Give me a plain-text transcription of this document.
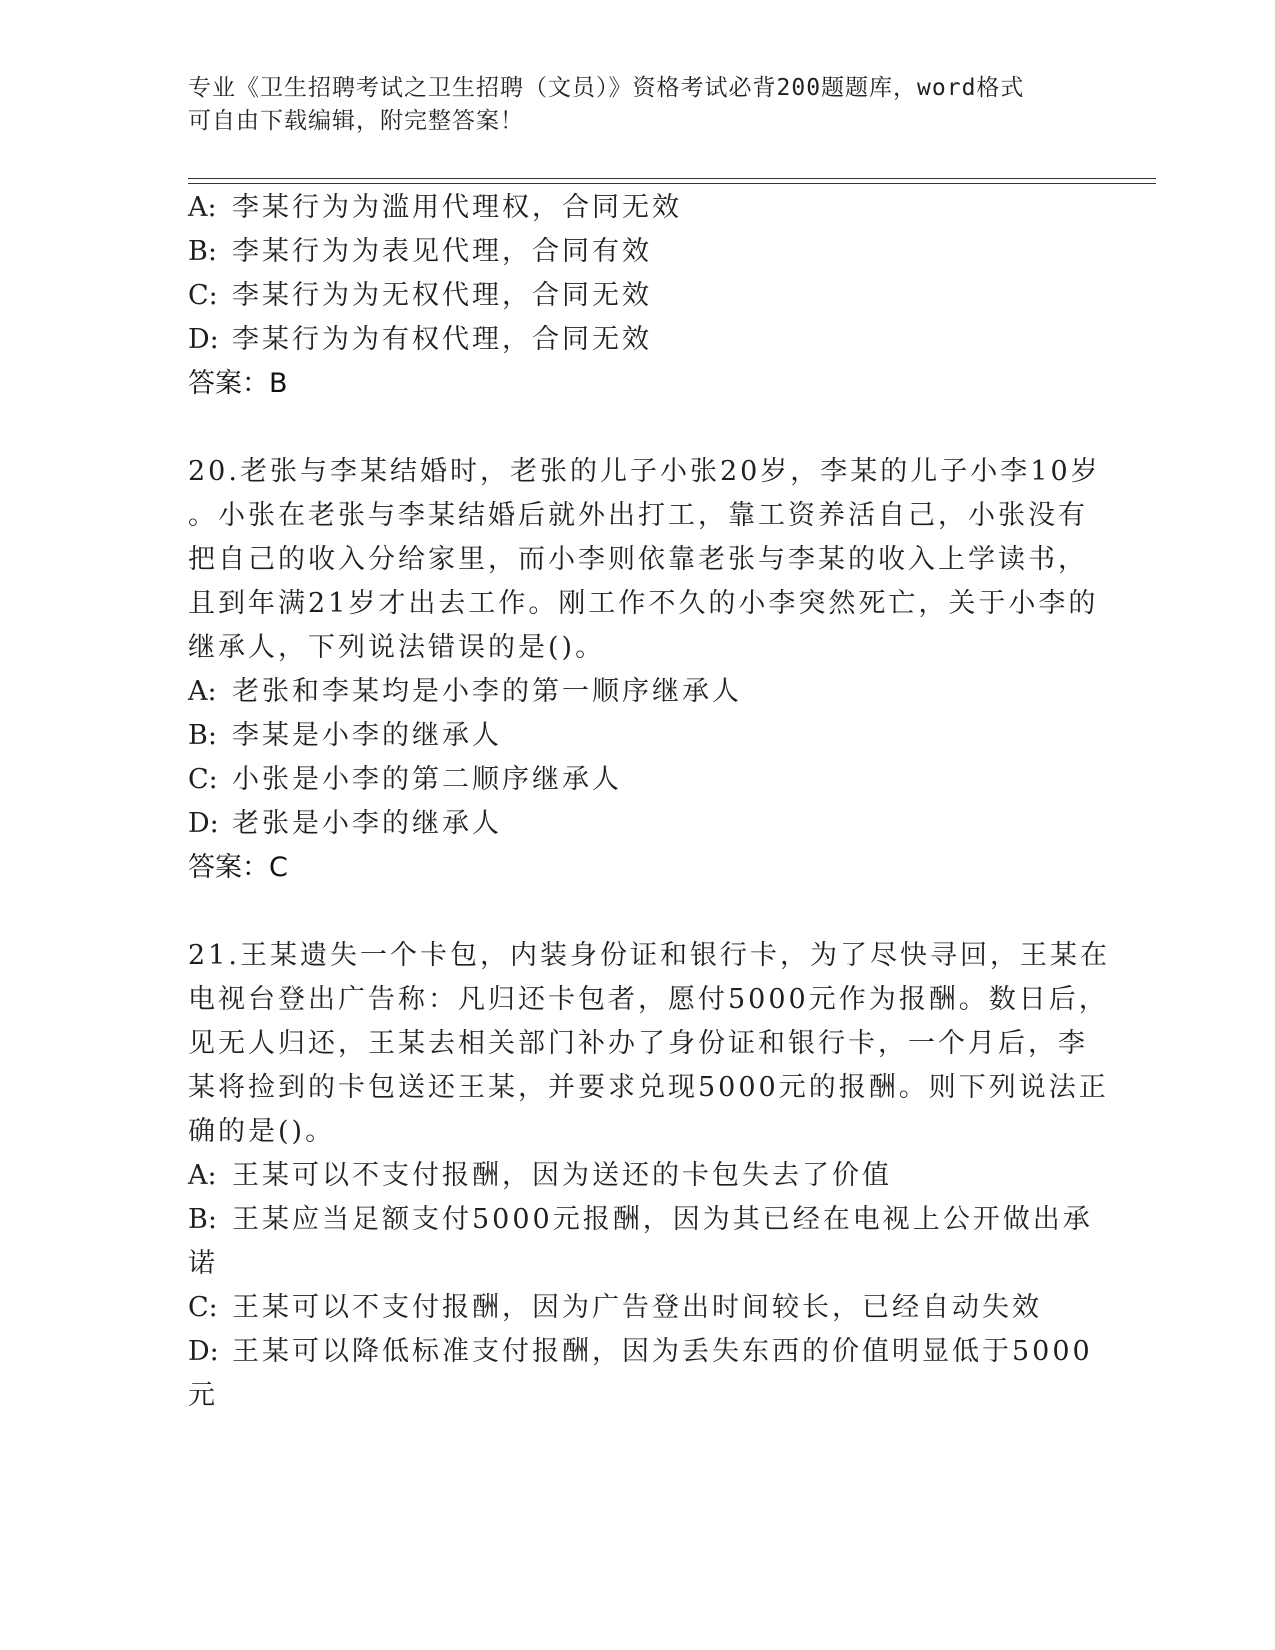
专业《卫生招聘考试之卫生招聘（文员）》资格考试必背200题题库，word格式
可自由下载编辑，附完整答案！
A: 李某行为为滥用代理权，合同无效
B: 李某行为为表见代理，合同有效
C: 李某行为为无权代理，合同无效
D: 李某行为为有权代理，合同无效
答案：B
20.老张与李某结婚时，老张的儿子小张20岁，李某的儿子小李10岁
。小张在老张与李某结婚后就外出打工，靠工资养活自己，小张没有
把自己的收入分给家里，而小李则依靠老张与李某的收入上学读书，
且到年满21岁才出去工作。刚工作不久的小李突然死亡，关于小李的
继承人，下列说法错误的是()。
A: 老张和李某均是小李的第一顺序继承人
B: 李某是小李的继承人
C: 小张是小李的第二顺序继承人
D: 老张是小李的继承人
答案：C
21.王某遗失一个卡包，内装身份证和银行卡，为了尽快寻回，王某在
电视台登出广告称：凡归还卡包者，愿付5000元作为报酬。数日后，
见无人归还，王某去相关部门补办了身份证和银行卡，一个月后，李
某将捡到的卡包送还王某，并要求兑现5000元的报酬。则下列说法正
确的是()。
A: 王某可以不支付报酬，因为送还的卡包失去了价值
B: 王某应当足额支付5000元报酬，因为其已经在电视上公开做出承
诺
C: 王某可以不支付报酬，因为广告登出时间较长，已经自动失效
D: 王某可以降低标准支付报酬，因为丢失东西的价值明显低于5000
元
